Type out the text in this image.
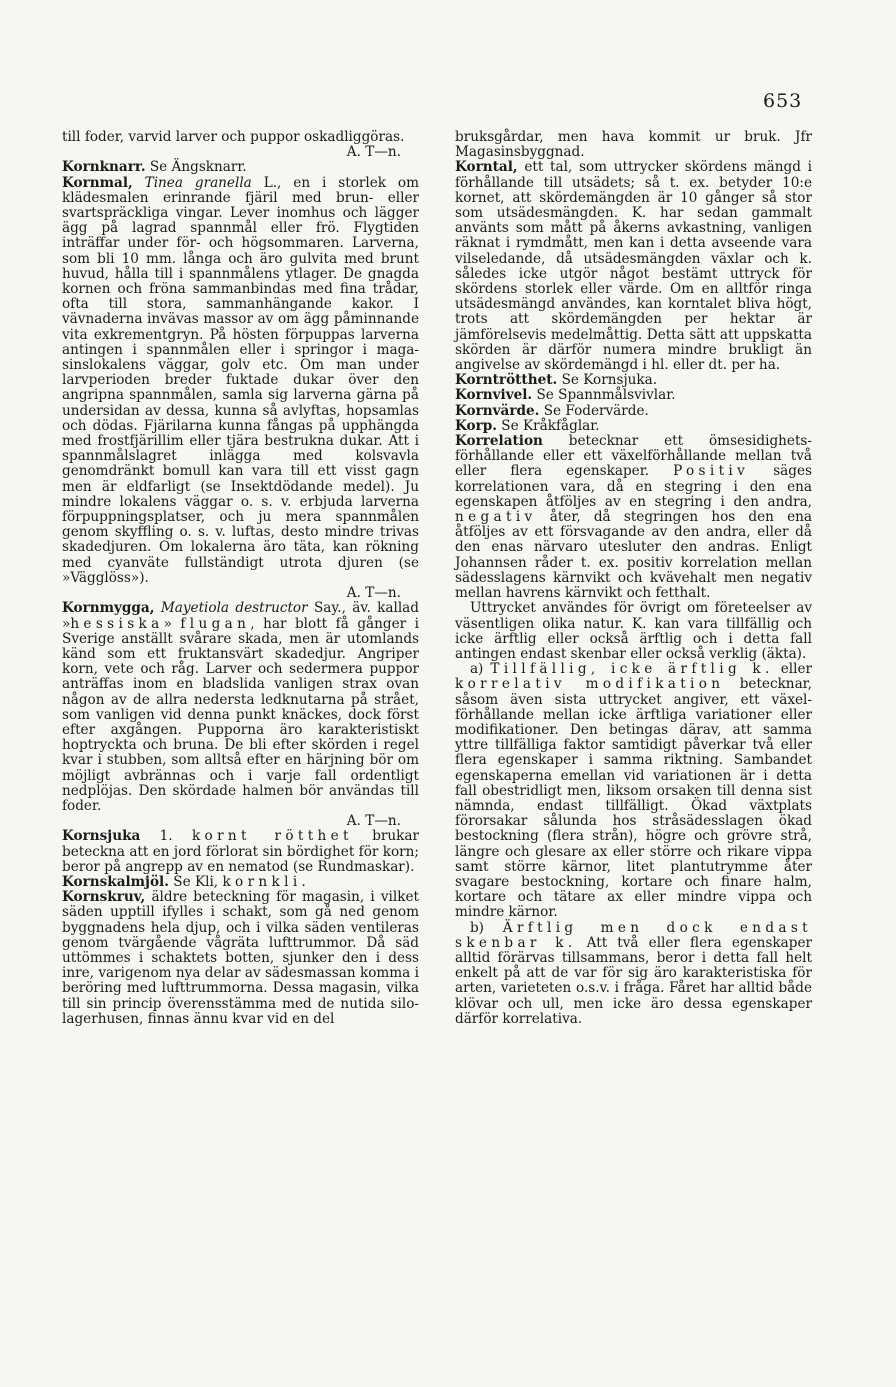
653

till foder, varvid larver och puppor oskadliggöras.
A. T—n.

Kornknarr. Se Ängsknarr.

Kornmal, Tinea granella L., en i storlek om klädesmalen erinrande fjäril med brun- eller svartspräckliga vingar. Lever inomhus och lägger ägg på lagrad spannmål eller frö. Flygtiden inträffar under för- och högsommaren. Larverna, som bli 10 mm. långa och äro gulvita med brunt huvud, hålla till i spannmålens ytlager. De gnagda kornen och fröna sammanbindas med fina trådar, ofta till stora, sammanhängande kakor. I vävnaderna invävas massor av om ägg påminnande vita exkrementgryn. På hösten förpuppas larverna antingen i spannmålen eller i springor i magasinslokalens väggar, golv etc. Om man under larvperioden breder fuktade dukar över den angripna spannmålen, samla sig larverna gärna på undersidan av dessa, kunna så avlyftas, hopsamlas och dödas. Fjärilarna kunna fångas på upphängda med frostfjärillim eller tjära bestrukna dukar. Att i spannmålslagret inlägga med kolsvavla genomdränkt bomull kan vara till ett visst gagn men är eldfarligt (se Insektdödande medel). Ju mindre lokalens väggar o. s. v. erbjuda larverna förpuppningsplatser, och ju mera spannmålen genom skyffling o. s. v. luftas, desto mindre trivas skadedjuren. Om lokalerna äro täta, kan rökning med cyanväte fullständigt utrota djuren (se »Vägglöss»).
A. T—n.

Kornmygga, Mayetiola destructor Say., äv. kallad »hessiska» flugan, har blott få gånger i Sverige anställt svårare skada, men är utomlands känd som ett fruktansvärt skadedjur. Angriper korn, vete och råg. Larver och sedermera puppor anträffas inom en bladslida vanligen strax ovan någon av de allra nedersta ledknutarna på strået, som vanligen vid denna punkt knäckes, dock först efter axgången. Pupporna äro karakteristiskt hoptryckta och bruna. De bli efter skörden i regel kvar i stubben, som alltså efter en härjning bör om möjligt avbrännas och i varje fall ordentligt nedplöjas. Den skördade halmen bör användas till foder.
A. T—n.

Kornsjuka 1. kornt rötthet brukar beteckna att en jord förlorat sin bördighet för korn; beror på angrepp av en nematod (se Rundmaskar).

Kornskalmjöl. Se Kli, kornkli.

Kornskruv, äldre beteckning för magasin, i vilket säden upptill ifylles i schakt, som gå ned genom byggnadens hela djup, och i vilka säden ventileras genom tvärgående vågräta lufttrummor. Då säd uttömmes i schaktets botten, sjunker den i dess inre, varigenom nya delar av sädesmassan komma i beröring med lufttrummorna. Dessa magasin, vilka till sin princip överensstämma med de nutida silo-lagerhusen, finnas ännu kvar vid en del

bruksgårdar, men hava kommit ur bruk. Jfr Magasinsbyggnad.

Korntal, ett tal, som uttrycker skördens mängd i förhållande till utsädets; så t. ex. betyder 10:e kornet, att skördemängden är 10 gånger så stor som utsädesmängden. K. har sedan gammalt använts som mått på åkerns avkastning, vanligen räknat i rymdmått, men kan i detta avseende vara vilseledande, då utsädesmängden växlar och k. således icke utgör något bestämt uttryck för skördens storlek eller värde. Om en alltför ringa utsädesmängd användes, kan korntalet bliva högt, trots att skördemängden per hektar är jämförelsevis medelmåttig. Detta sätt att uppskatta skörden är därför numera mindre brukligt än angivelse av skördemängd i hl. eller dt. per ha.

Korntrötthet. Se Kornsjuka.

Kornvivel. Se Spannmålsvivlar.

Kornvärde. Se Fodervärde.

Korp. Se Kråkfåglar.

Korrelation betecknar ett ömsesidighetsförhållande eller ett växelförhållande mellan två eller flera egenskaper. Positiv säges korrelationen vara, då en stegring i den ena egenskapen åtföljes av en stegring i den andra, negativ åter, då stegringen hos den ena åtföljes av ett försvagande av den andra, eller då den enas närvaro utesluter den andras. Enligt Johannsen råder t. ex. positiv korrelation mellan sädesslagens kärnvikt och kvävehalt men negativ mellan havrens kärnvikt och fetthalt.

Uttrycket användes för övrigt om företeelser av väsentligen olika natur. K. kan vara tillfällig och icke ärftlig eller också ärftlig och i detta fall antingen endast skenbar eller också verklig (äkta).

a) Tillfällig, icke ärftlig k. eller korrelativ modifikation betecknar, såsom även sista uttrycket angiver, ett växelförhållande mellan icke ärftliga variationer eller modifikationer. Den betingas därav, att samma yttre tillfälliga faktor samtidigt påverkar två eller flera egenskaper i samma riktning. Sambandet egenskaperna emellan vid variationen är i detta fall obestridligt men, liksom orsaken till denna sist nämnda, endast tillfälligt. Ökad växtplats förorsakar sålunda hos stråsädesslagen ökad bestockning (flera strån), högre och grövre strå, längre och glesare ax eller större och rikare vippa samt större kärnor, litet plantutrymme åter svagare bestockning, kortare och finare halm, kortare och tätare ax eller mindre vippa och mindre kärnor.

b) Ärftlig men dock endast skenbar k. Att två eller flera egenskaper alltid förärvas tillsammans, beror i detta fall helt enkelt på att de var för sig äro karakteristiska för arten, varieteten o.s.v. i fråga. Fåret har alltid både klövar och ull, men icke äro dessa egenskaper därför korrelativa.
